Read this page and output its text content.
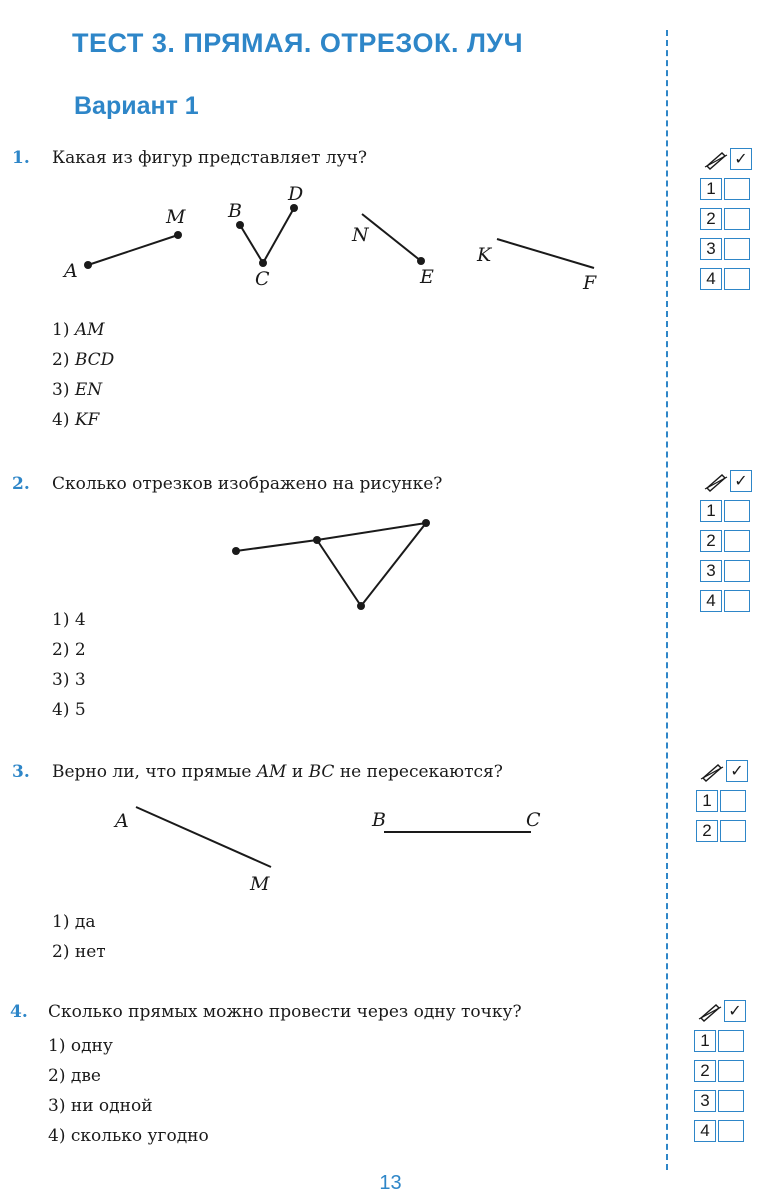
ТЕСТ 3. ПРЯМАЯ. ОТРЕЗОК. ЛУЧ
Вариант 1
1. Какая из фигур представляет луч?
A
M B
D
C
N
E
K
F
1) AM
2) BCD
3) EN
4) KF
✓
1
2
3
4
2. Сколько отрезков изображено на рисунке?
1) 4
2) 2
3) 3
4) 5
✓
1
2
3
4
3. Верно ли, что прямые AM и BC не пересекаются?
A
M
B	C
1) да
2) нет
✓
1
2
4. Сколько прямых можно провести через одну точку?
1) одну
2) две
3) ни одной
4) сколько угодно
✓
1
2
3
4
13
